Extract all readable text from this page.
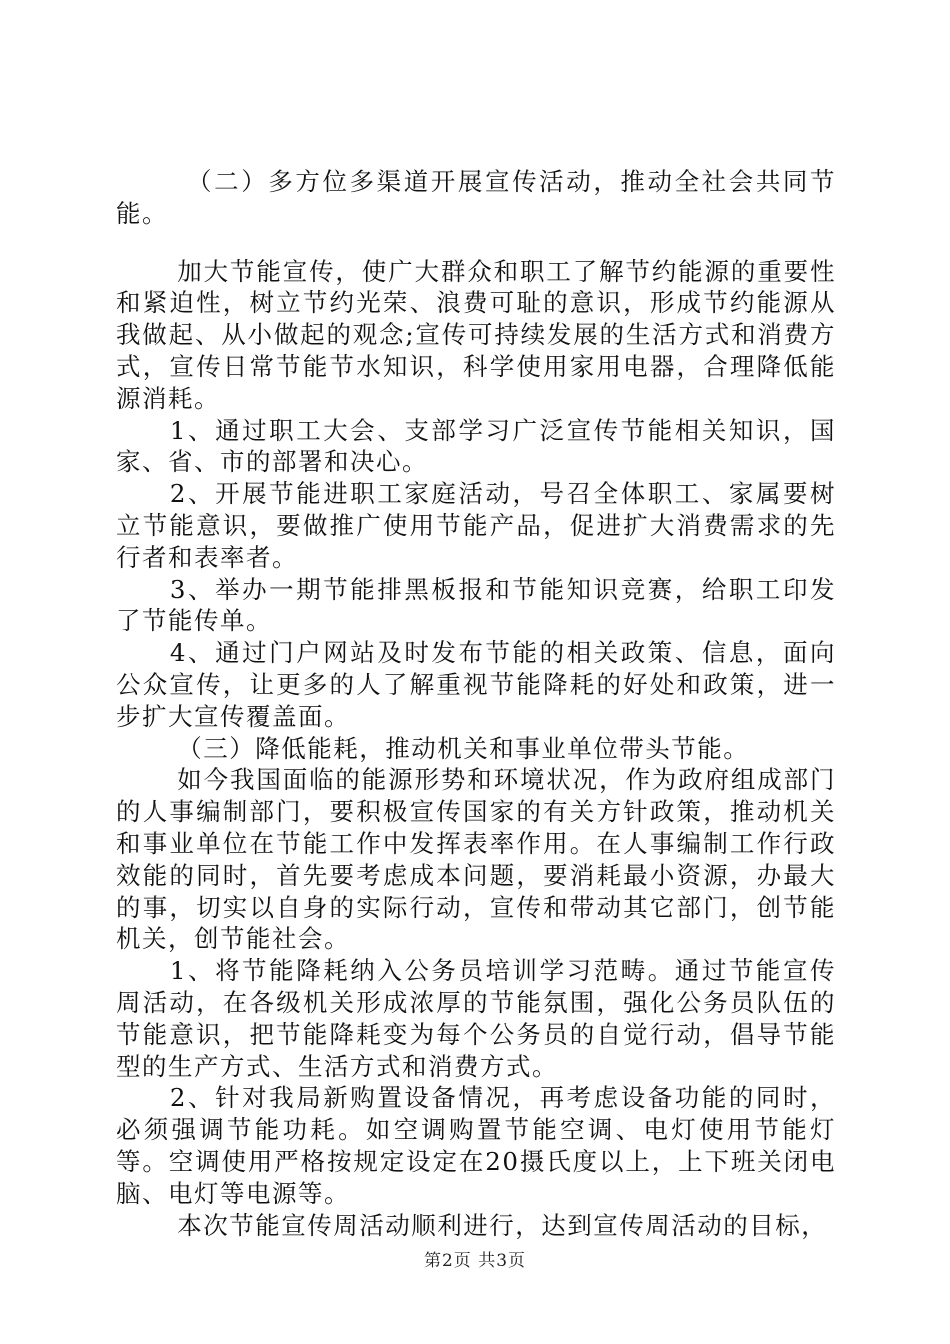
（二）多方位多渠道开展宣传活动，推动全社会共同节能。

加大节能宣传，使广大群众和职工了解节约能源的重要性和紧迫性，树立节约光荣、浪费可耻的意识，形成节约能源从我做起、从小做起的观念;宣传可持续发展的生活方式和消费方式，宣传日常节能节水知识，科学使用家用电器，合理降低能源消耗。

1、通过职工大会、支部学习广泛宣传节能相关知识，国家、省、市的部署和决心。

2、开展节能进职工家庭活动，号召全体职工、家属要树立节能意识，要做推广使用节能产品，促进扩大消费需求的先行者和表率者。

3、举办一期节能排黑板报和节能知识竞赛，给职工印发了节能传单。

4、通过门户网站及时发布节能的相关政策、信息，面向公众宣传，让更多的人了解重视节能降耗的好处和政策，进一步扩大宣传覆盖面。

（三）降低能耗，推动机关和事业单位带头节能。

如今我国面临的能源形势和环境状况，作为政府组成部门的人事编制部门，要积极宣传国家的有关方针政策，推动机关和事业单位在节能工作中发挥表率作用。在人事编制工作行政效能的同时，首先要考虑成本问题，要消耗最小资源，办最大的事，切实以自身的实际行动，宣传和带动其它部门，创节能机关，创节能社会。

1、将节能降耗纳入公务员培训学习范畴。通过节能宣传周活动，在各级机关形成浓厚的节能氛围，强化公务员队伍的节能意识，把节能降耗变为每个公务员的自觉行动，倡导节能型的生产方式、生活方式和消费方式。

2、针对我局新购置设备情况，再考虑设备功能的同时，必须强调节能功耗。如空调购置节能空调、电灯使用节能灯等。空调使用严格按规定设定在20摄氏度以上，上下班关闭电脑、电灯等电源等。

本次节能宣传周活动顺利进行，达到宣传周活动的目标，

第2页 共3页
